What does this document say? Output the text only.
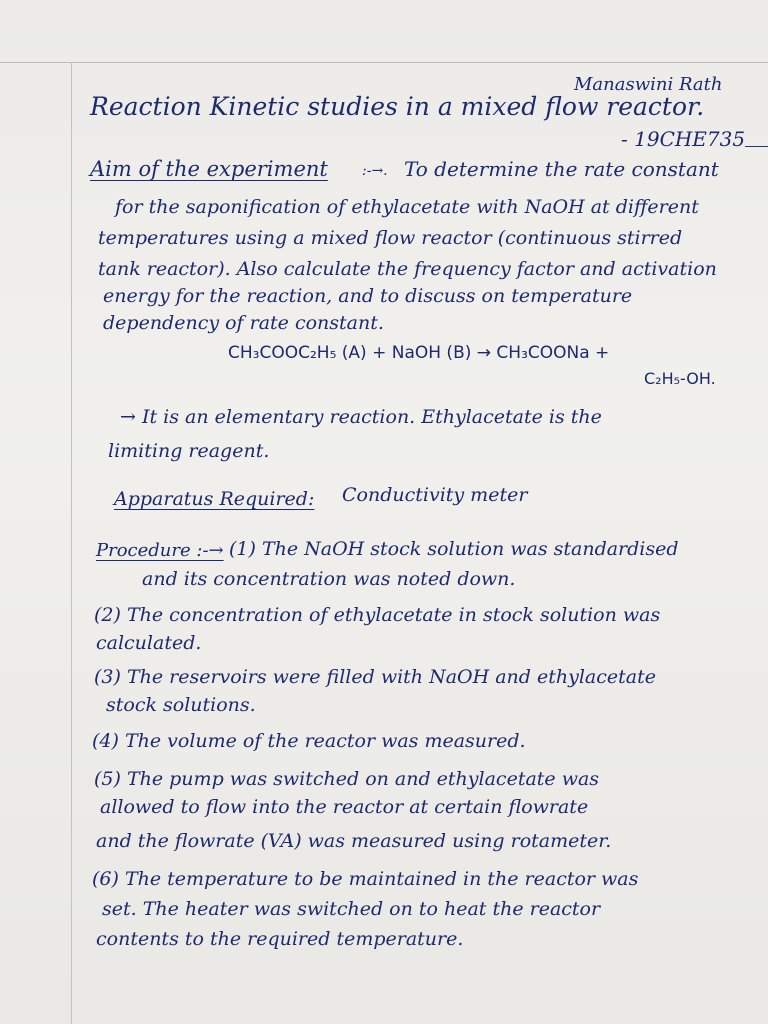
Manaswini Rath
Reaction Kinetic studies in a mixed flow reactor.
- 19CHE735
Aim of the experiment :-→. To determine the rate constant
for the saponification of ethylacetate with NaOH at different
temperatures using a mixed flow reactor (continuous stirred
tank reactor). Also calculate the frequency factor and activation
energy for the reaction, and to discuss on temperature
dependency of rate constant.
CH₃COOC₂H₅ (A) + NaOH (B) → CH₃COONa +
C₂H₅-OH.
→ It is an elementary reaction. Ethylacetate is the
limiting reagent.
Apparatus Required: Conductivity meter
Procedure :-→ (1) The NaOH stock solution was standardised
and its concentration was noted down.
(2) The concentration of ethylacetate in stock solution was
calculated.
(3) The reservoirs were filled with NaOH and ethylacetate
stock solutions.
(4) The volume of the reactor was measured.
(5) The pump was switched on and ethylacetate was
allowed to flow into the reactor at certain flowrate
and the flowrate (VA) was measured using rotameter.
(6) The temperature to be maintained in the reactor was
set. The heater was switched on to heat the reactor
contents to the required temperature.
